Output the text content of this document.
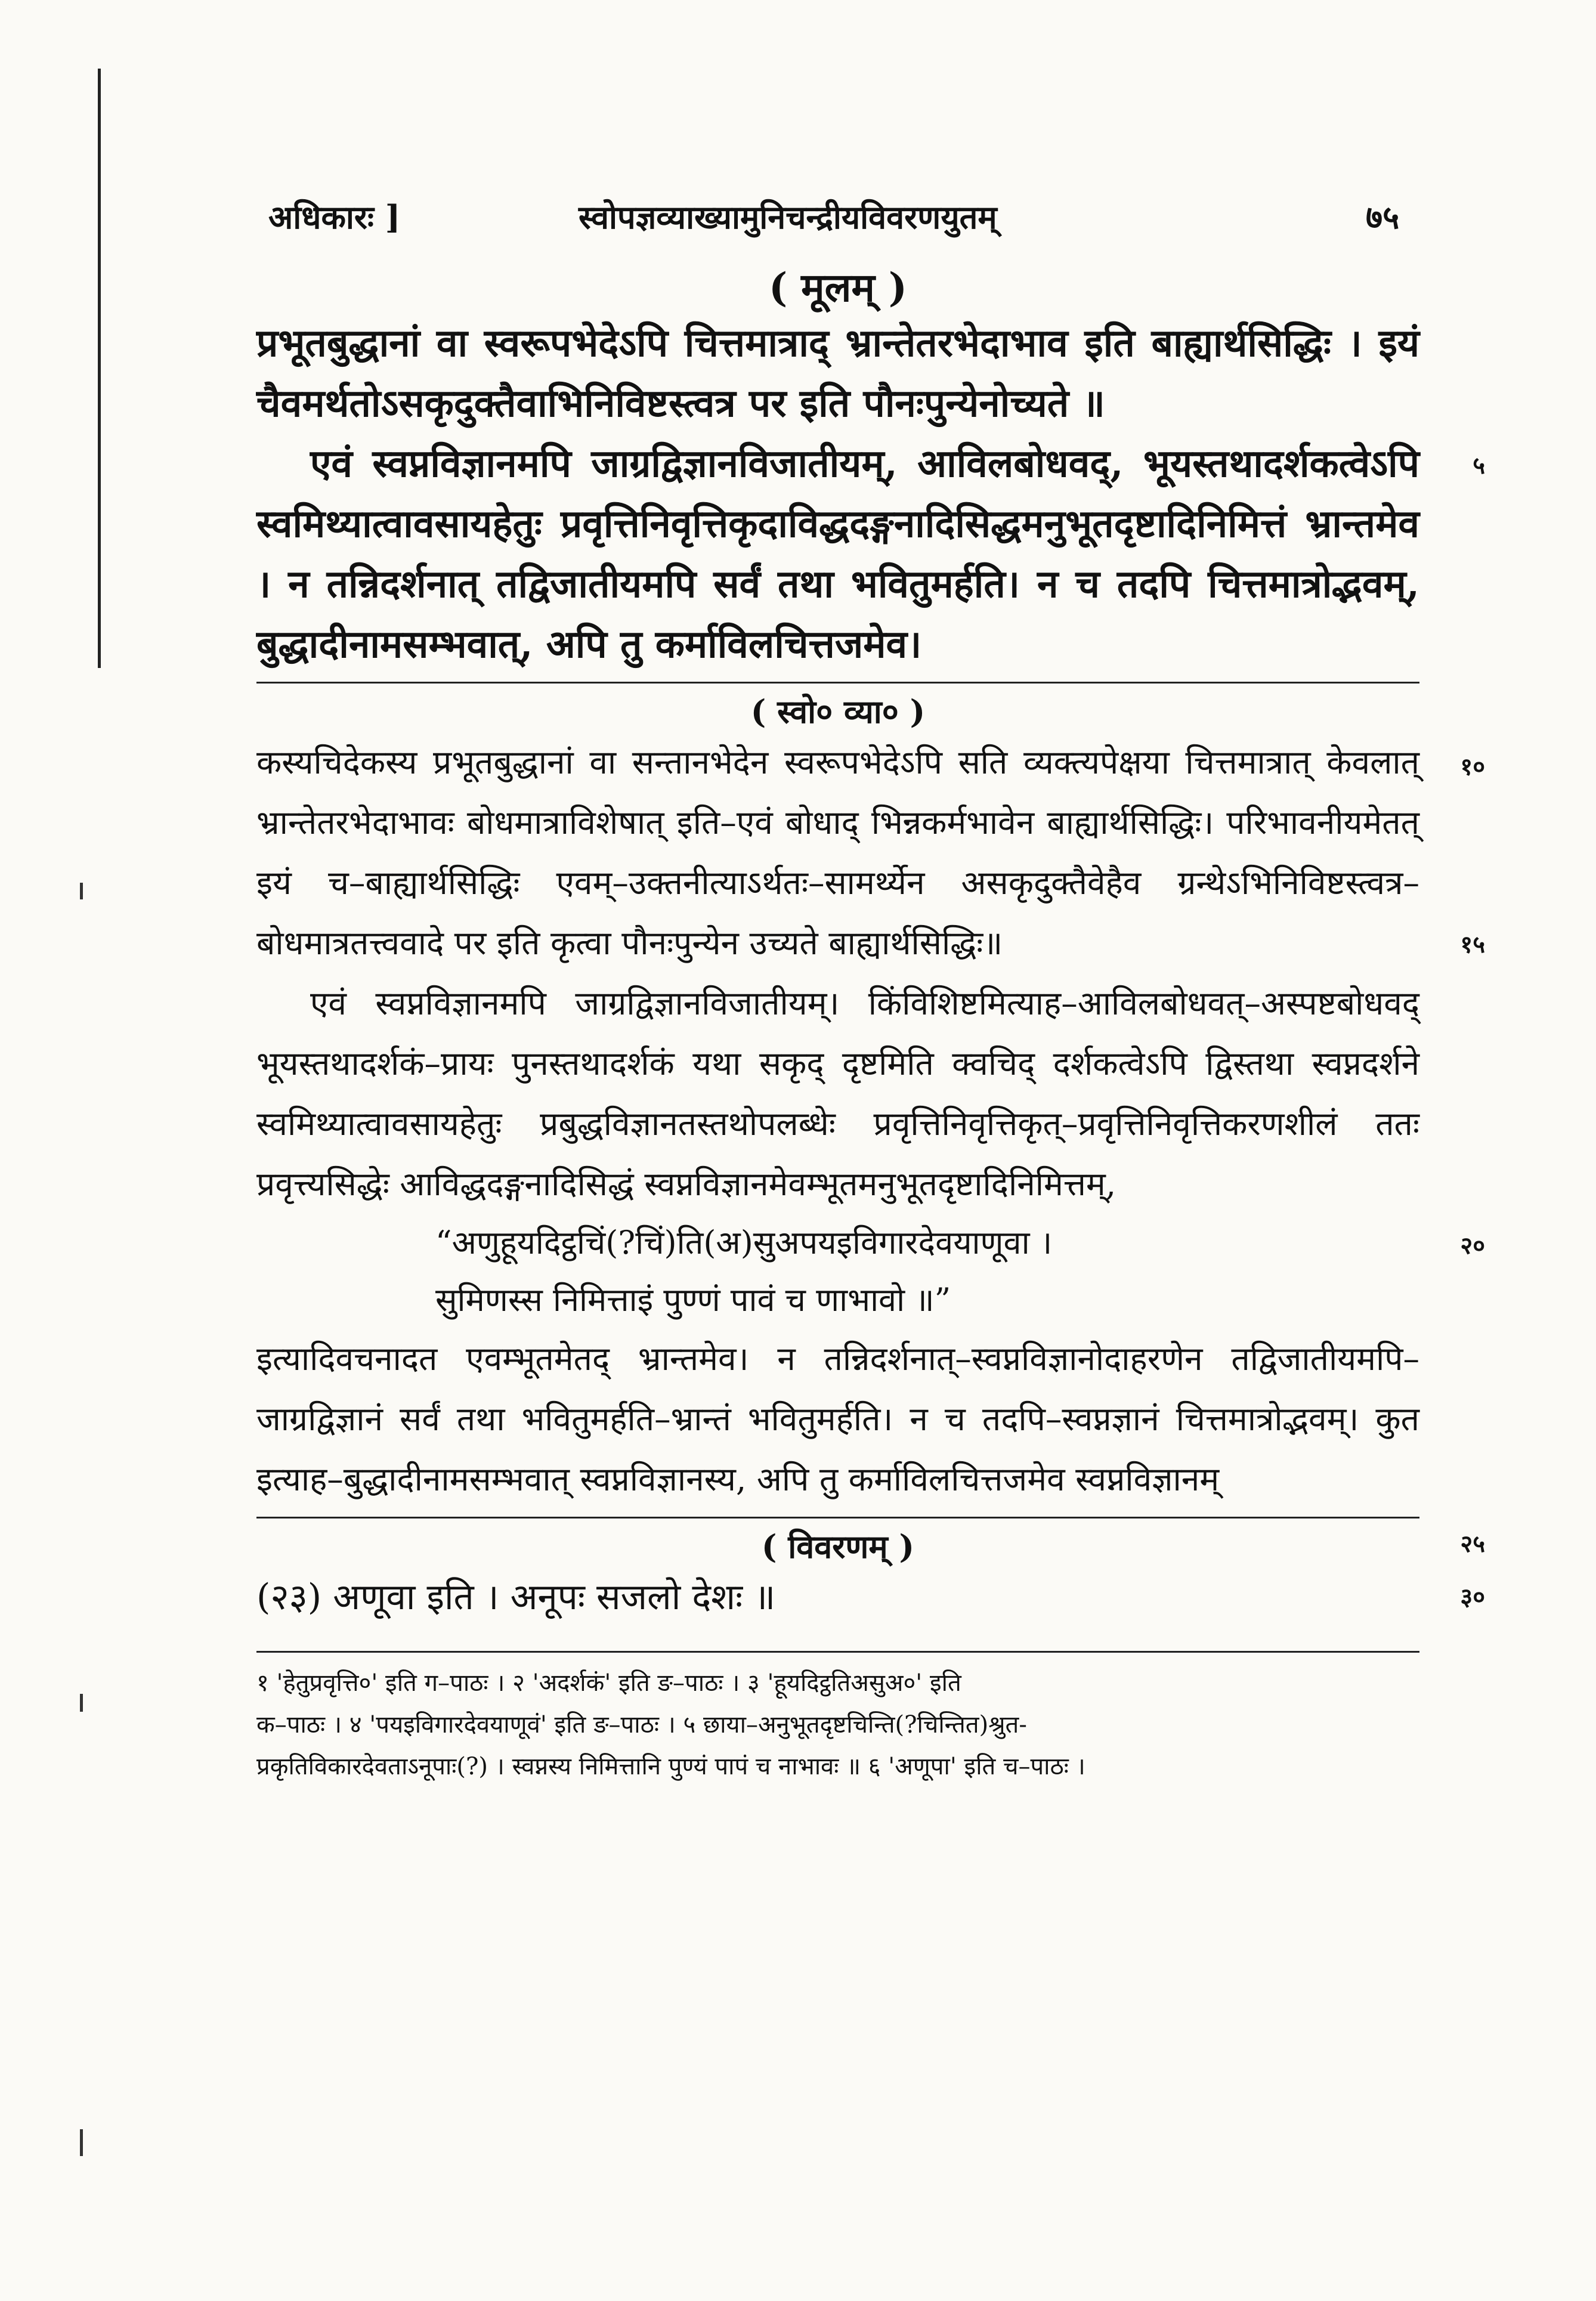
अधिकारः ]	स्वोपज्ञव्याख्यामुनिचन्द्रीयविवरणयुतम्	७५
( मूलम् )

प्रभूतबुद्धानां वा स्वरूपभेदेऽपि चित्तमात्राद् भ्रान्तेतरभेदाभाव इति बाह्यार्थसिद्धिः । इयं चैवमर्थतोऽसकृदुक्तैवाभिनिविष्टस्त्वत्र पर इति पौनःपुन्येनोच्यते ॥

एवं स्वप्नविज्ञानमपि जाग्रद्विज्ञानविजातीयम्, आविलबोधवद्, भूयस्तथादर्शकत्वेऽपि स्वमिथ्यात्वावसायहेतुः प्रवृत्तिनिवृत्तिकृदाविद्धदङ्गनादिसिद्धमनुभूतदृष्टादिनिमित्तं भ्रान्तमेव । न तन्निदर्शनात् तद्विजातीयमपि सर्वं तथा भवितुमर्हति। न च तदपि चित्तमात्रोद्भवम्, बुद्धादीनामसम्भवात्, अपि तु कर्माविलचित्तजमेव।

५
१०
( स्वो० व्या० )

कस्यचिदेकस्य प्रभूतबुद्धानां वा सन्तानभेदेन स्वरूपभेदेऽपि सति व्यक्त्यपेक्षया चित्तमात्रात् केवलात् भ्रान्तेतरभेदाभावः बोधमात्राविशेषात् इति–एवं बोधाद् भिन्नकर्मभावेन बाह्यार्थसिद्धिः। परिभावनीयमेतत् इयं च–बाह्यार्थसिद्धिः एवम्–उक्तनीत्याऽर्थतः–सामर्थ्येन असकृदुक्तैवेहैव ग्रन्थेऽभिनिविष्टस्त्वत्र–बोधमात्रतत्त्ववादे पर इति कृत्वा पौनःपुन्येन उच्यते बाह्यार्थसिद्धिः॥

एवं स्वप्नविज्ञानमपि जाग्रद्विज्ञानविजातीयम्। किंविशिष्टमित्याह–आविलबोधवत्–अस्पष्टबोधवद् भूयस्तथादर्शकं–प्रायः पुनस्तथादर्शकं यथा सकृद् दृष्टमिति क्वचिद् दर्शकत्वेऽपि द्विस्तथा स्वप्नदर्शने स्वमिथ्यात्वावसायहेतुः प्रबुद्धविज्ञानतस्तथोपलब्धेः प्रवृत्तिनिवृत्तिकृत्–प्रवृत्तिनिवृत्तिकरणशीलं ततः प्रवृत्त्यसिद्धेः आविद्धदङ्गनादिसिद्धं स्वप्नविज्ञानमेवम्भूतमनुभूतदृष्टादिनिमित्तम्,

“अणुहूयदिट्ठचिं(?चिं)ति(अ)सुअपयइविगारदेवयाणूवा ।
सुमिणस्स निमित्ताइं पुण्णं पावं च णाभावो ॥”

इत्यादिवचनादत एवम्भूतमेतद् भ्रान्तमेव। न तन्निदर्शनात्–स्वप्नविज्ञानोदाहरणेन तद्विजातीयमपि–जाग्रद्विज्ञानं सर्वं तथा भवितुमर्हति–भ्रान्तं भवितुमर्हति। न च तदपि–स्वप्नज्ञानं चित्तमात्रोद्भवम्। कुत इत्याह–बुद्धादीनामसम्भवात् स्वप्नविज्ञानस्य, अपि तु कर्माविलचित्तजमेव स्वप्नविज्ञानम्

१५
२०
२५
( विवरणम् )
(२३) अणूवा इति । अनूपः सजलो देशः ॥	३०

१ 'हेतुप्रवृत्ति०' इति ग–पाठः । २ 'अदर्शकं' इति ङ–पाठः । ३ 'हूयदिट्ठतिअसुअ०' इति

क–पाठः । ४ 'पयइविगारदेवयाणूवं' इति ङ–पाठः । ५ छाया–अनुभूतदृष्टचिन्ति(?चिन्तित)श्रुत-

प्रकृतिविकारदेवताऽनूपाः(?) । स्वप्नस्य निमित्तानि पुण्यं पापं च नाभावः ॥ ६ 'अणूपा' इति च–पाठः ।
